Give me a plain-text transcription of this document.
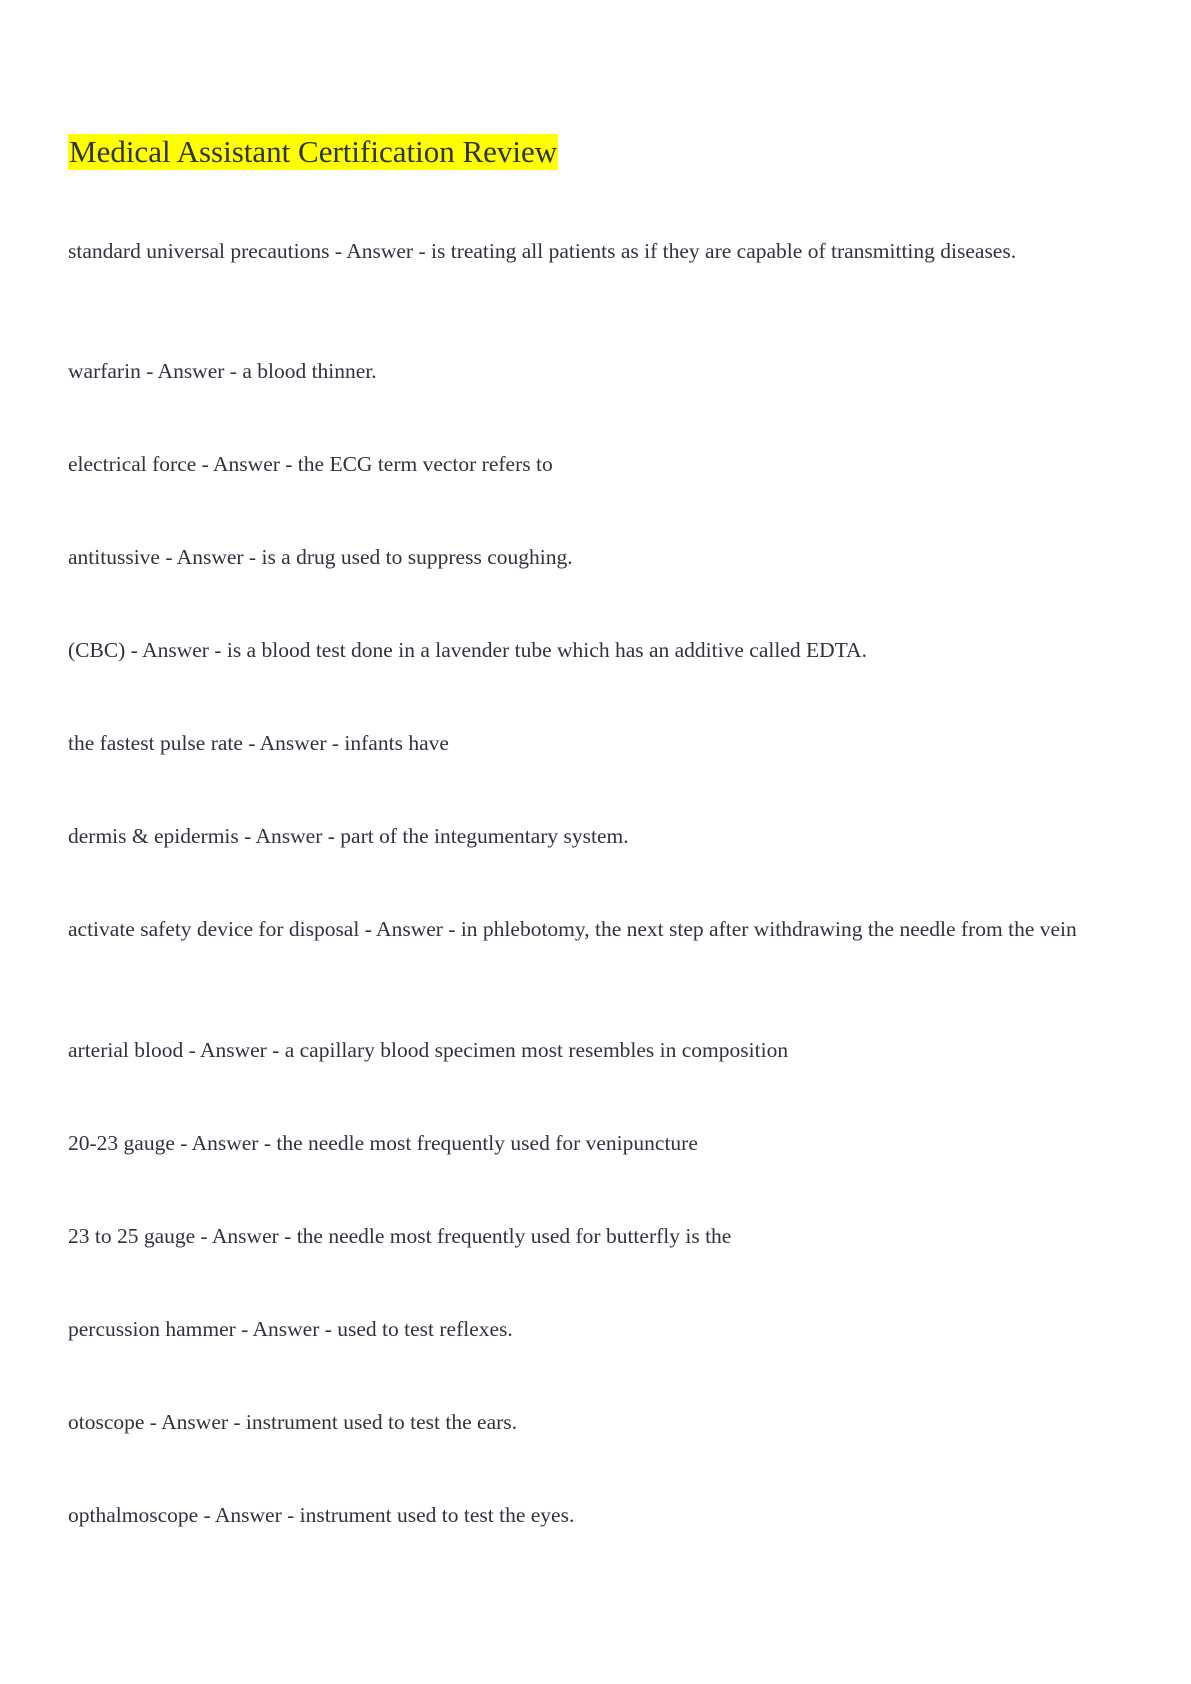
Medical Assistant Certification Review
standard universal precautions - Answer - is treating all patients as if they are capable of transmitting diseases.
warfarin - Answer - a blood thinner.
electrical force - Answer - the ECG term vector refers to
antitussive - Answer - is a drug used to suppress coughing.
(CBC) - Answer - is a blood test done in a lavender tube which has an additive called EDTA.
the fastest pulse rate - Answer - infants have
dermis & epidermis - Answer - part of the integumentary system.
activate safety device for disposal - Answer - in phlebotomy, the next step after withdrawing the needle from the vein
arterial blood - Answer - a capillary blood specimen most resembles in composition
20-23 gauge - Answer - the needle most frequently used for venipuncture
23 to 25 gauge - Answer - the needle most frequently used for butterfly is the
percussion hammer - Answer - used to test reflexes.
otoscope - Answer - instrument used to test the ears.
opthalmoscope - Answer - instrument used to test the eyes.
